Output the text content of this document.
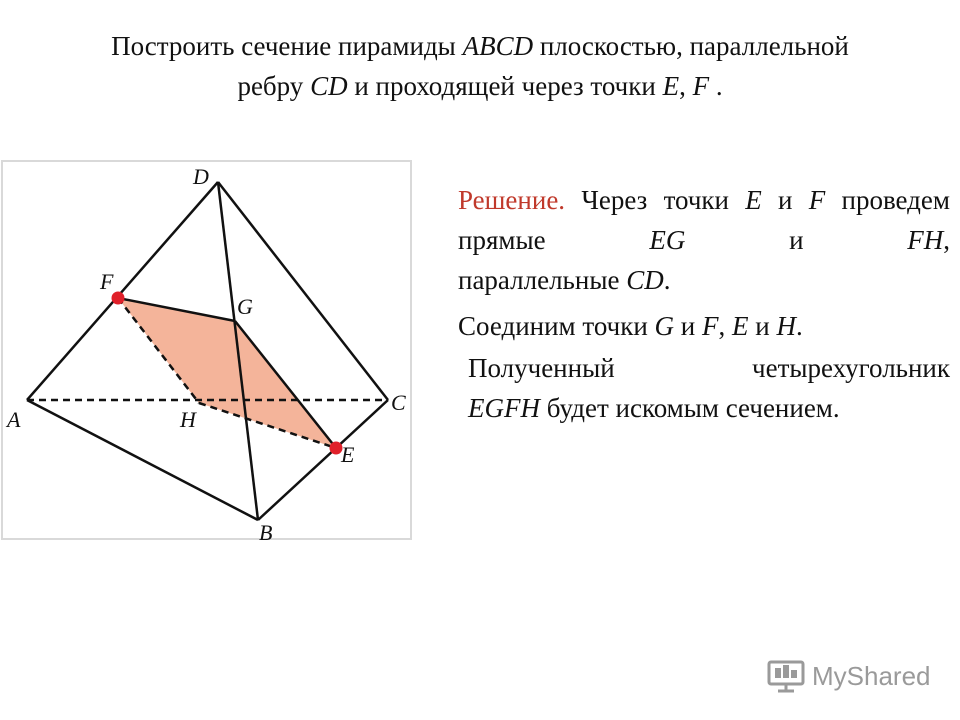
Построить сечение пирамиды ABCD плоскостью, параллельной
ребру CD и проходящей через точки E, F .
D
A
C
B
F
G
H
E
Решение. Через точки E и F проведем прямые EG и FH,
параллельные CD.
Соединим точки G и F, E и H.
Полученный четырехугольник
EGFH будет искомым сечением.
MyShared
